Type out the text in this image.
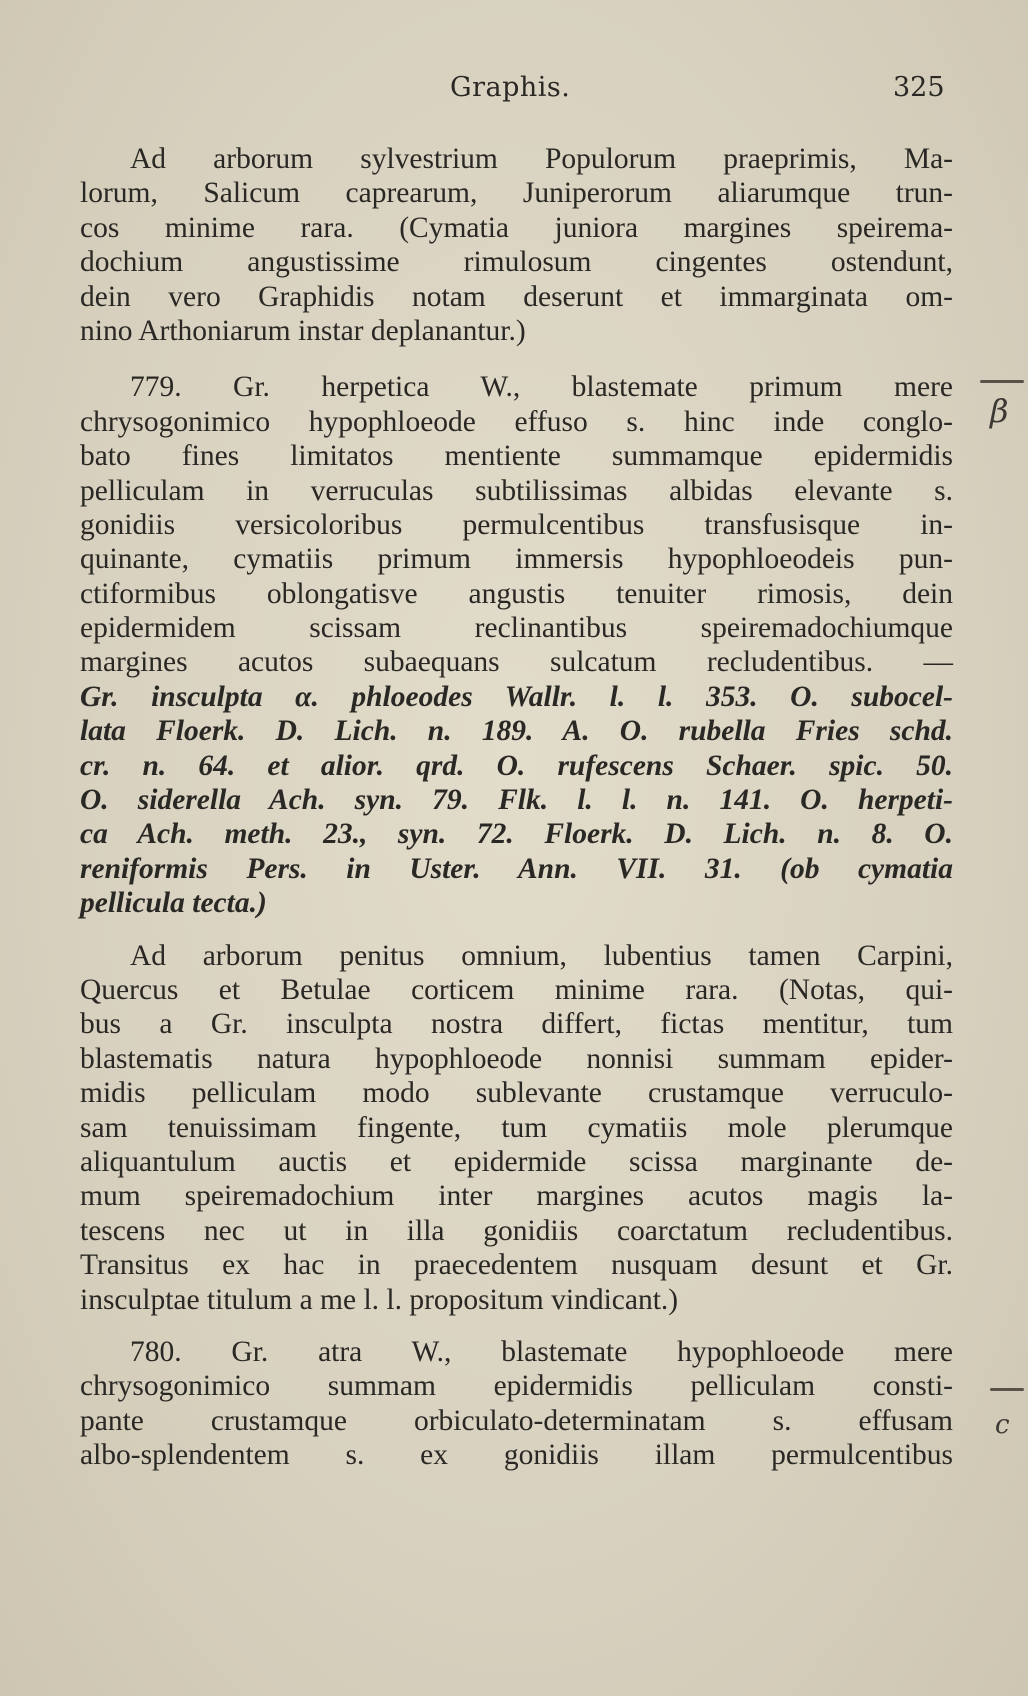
Graphis.	325
Ad arborum sylvestrium Populorum praeprimis, Ma-
lorum, Salicum caprearum, Juniperorum aliarumque trun-
cos minime rara. (Cymatia juniora margines speirema-
dochium angustissime rimulosum cingentes ostendunt,
dein vero Graphidis notam deserunt et immarginata om-
nino Arthoniarum instar deplanantur.)
779. Gr. herpetica W., blastemate primum mere
chrysogonimico hypophloeode effuso s. hinc inde conglo-
bato fines limitatos mentiente summamque epidermidis
pelliculam in verruculas subtilissimas albidas elevante s.
gonidiis versicoloribus permulcentibus transfusisque in-
quinante, cymatiis primum immersis hypophloeodeis pun-
ctiformibus oblongatisve angustis tenuiter rimosis, dein
epidermidem scissam reclinantibus speiremadochiumque
margines acutos subaequans sulcatum recludentibus. —
Gr. insculpta α. phloeodes Wallr. l. l. 353. O. subocel-
lata Floerk. D. Lich. n. 189. A. O. rubella Fries schd.
cr. n. 64. et alior. qrd. O. rufescens Schaer. spic. 50.
O. siderella Ach. syn. 79. Flk. l. l. n. 141. O. herpeti-
ca Ach. meth. 23., syn. 72. Floerk. D. Lich. n. 8. O.
reniformis Pers. in Uster. Ann. VII. 31. (ob cymatia
pellicula tecta.)
Ad arborum penitus omnium, lubentius tamen Carpini,
Quercus et Betulae corticem minime rara. (Notas, qui-
bus a Gr. insculpta nostra differt, fictas mentitur, tum
blastematis natura hypophloeode nonnisi summam epider-
midis pelliculam modo sublevante crustamque verruculo-
sam tenuissimam fingente, tum cymatiis mole plerumque
aliquantulum auctis et epidermide scissa marginante de-
mum speiremadochium inter margines acutos magis la-
tescens nec ut in illa gonidiis coarctatum recludentibus.
Transitus ex hac in praecedentem nusquam desunt et Gr.
insculptae titulum a me l. l. propositum vindicant.)
780. Gr. atra W., blastemate hypophloeode mere
chrysogonimico summam epidermidis pelliculam consti-
pante crustamque orbiculato-determinatam s. effusam
albo-splendentem s. ex gonidiis illam permulcentibus
β
c
